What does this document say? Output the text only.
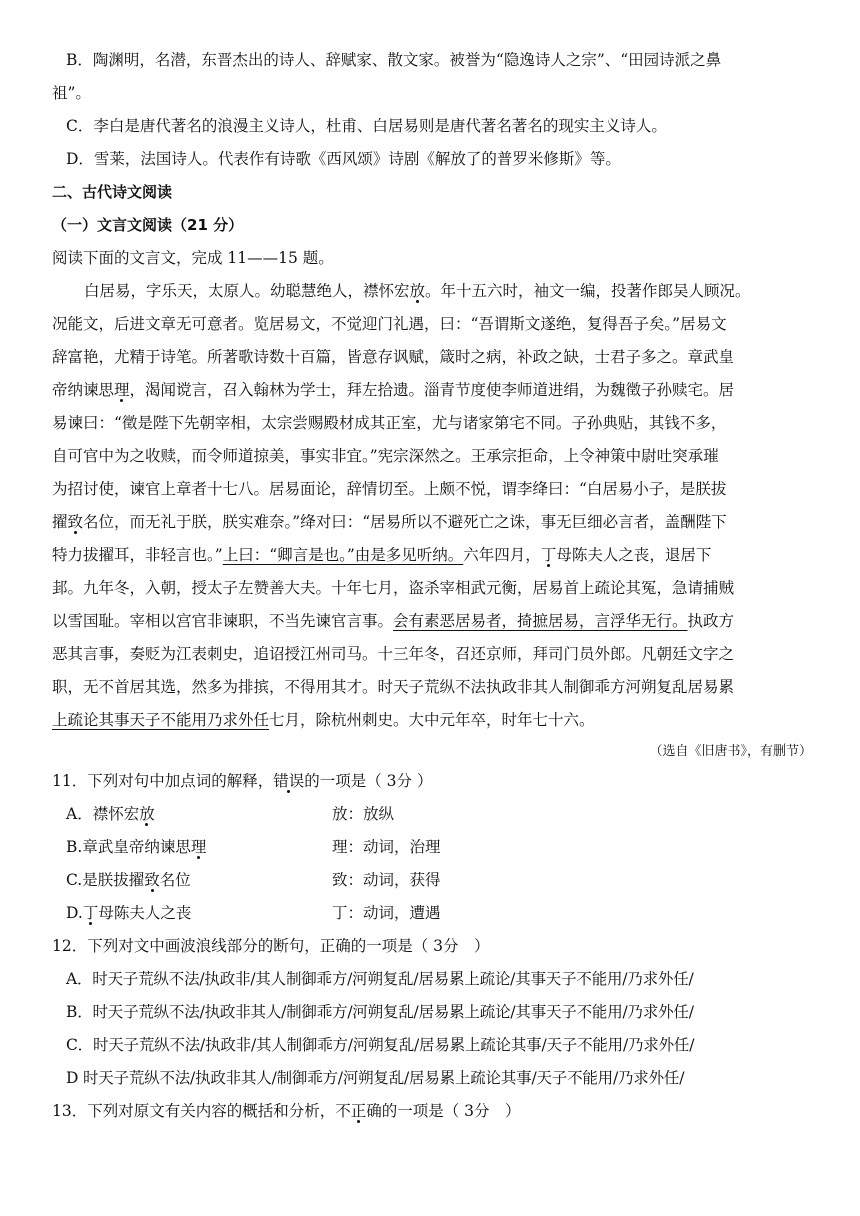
B．陶渊明，名潜，东晋杰出的诗人、辞赋家、散文家。被誉为“隐逸诗人之宗”、“田园诗派之鼻
祖”。
C．李白是唐代著名的浪漫主义诗人，杜甫、白居易则是唐代著名著名的现实主义诗人。
D．雪莱，法国诗人。代表作有诗歌《西风颂》诗剧《解放了的普罗米修斯》等。
二、古代诗文阅读
（一）文言文阅读（21 分）
阅读下面的文言文，完成 11——15 题。
白居易，字乐天，太原人。幼聪慧绝人，襟怀宏放。年十五六时，袖文一编，投著作郎吴人顾况。
况能文，后进文章无可意者。览居易文，不觉迎门礼遇，曰：“吾谓斯文遂绝，复得吾子矣。”居易文
辞富艳，尤精于诗笔。所著歌诗数十百篇，皆意存讽赋，箴时之病，补政之缺，士君子多之。章武皇
帝纳谏思理，渴闻谠言，召入翰林为学士，拜左拾遗。淄青节度使李师道进绢，为魏徵子孙赎宅。居
易谏曰：“徵是陛下先朝宰相，太宗尝赐殿材成其正室，尤与诸家第宅不同。子孙典贴，其钱不多，
自可官中为之收赎，而令师道掠美，事实非宜。”宪宗深然之。王承宗拒命，上令神策中尉吐突承璀
为招讨使，谏官上章者十七八。居易面论，辞情切至。上颇不悦，谓李绛曰：“白居易小子，是朕拔
擢致名位，而无礼于朕，朕实难奈。”绛对曰：“居易所以不避死亡之诛，事无巨细必言者，盖酬陛下
特力拔擢耳，非轻言也。”上曰：“卿言是也。”由是多见听纳。六年四月，丁母陈夫人之丧，退居下
邽。九年冬，入朝，授太子左赞善大夫。十年七月，盗杀宰相武元衡，居易首上疏论其冤，急请捕贼
以雪国耻。宰相以宫官非谏职，不当先谏官言事。会有素恶居易者，掎摭居易，言浮华无行。执政方
恶其言事，奏贬为江表刺史，追诏授江州司马。十三年冬，召还京师，拜司门员外郎。凡朝廷文字之
职，无不首居其选，然多为排摈，不得用其才。时天子荒纵不法执政非其人制御乖方河朔复乱居易累
上疏论其事天子不能用乃求外任七月，除杭州刺史。大中元年卒，时年七十六。
（选自《旧唐书》，有删节）
11．下列对句中加点词的解释，错误的一项是（ 3分 ）
A．襟怀宏放	放：放纵
B.章武皇帝纳谏思理	理：动词，治理
C.是朕拔擢致名位	致：动词，获得
D.丁母陈夫人之丧	丁：动词，遭遇
12．下列对文中画波浪线部分的断句，正确的一项是（ 3分　）
A．时天子荒纵不法/执政非/其人制御乖方/河朔复乱/居易累上疏论/其事天子不能用/乃求外任/
B．时天子荒纵不法/执政非其人/制御乖方/河朔复乱/居易累上疏论/其事天子不能用/乃求外任/
C．时天子荒纵不法/执政非/其人制御乖方/河朔复乱/居易累上疏论其事/天子不能用/乃求外任/
D 时天子荒纵不法/执政非其人/制御乖方/河朔复乱/居易累上疏论其事/天子不能用/乃求外任/
13．下列对原文有关内容的概括和分析，不正确的一项是（ 3分　）
